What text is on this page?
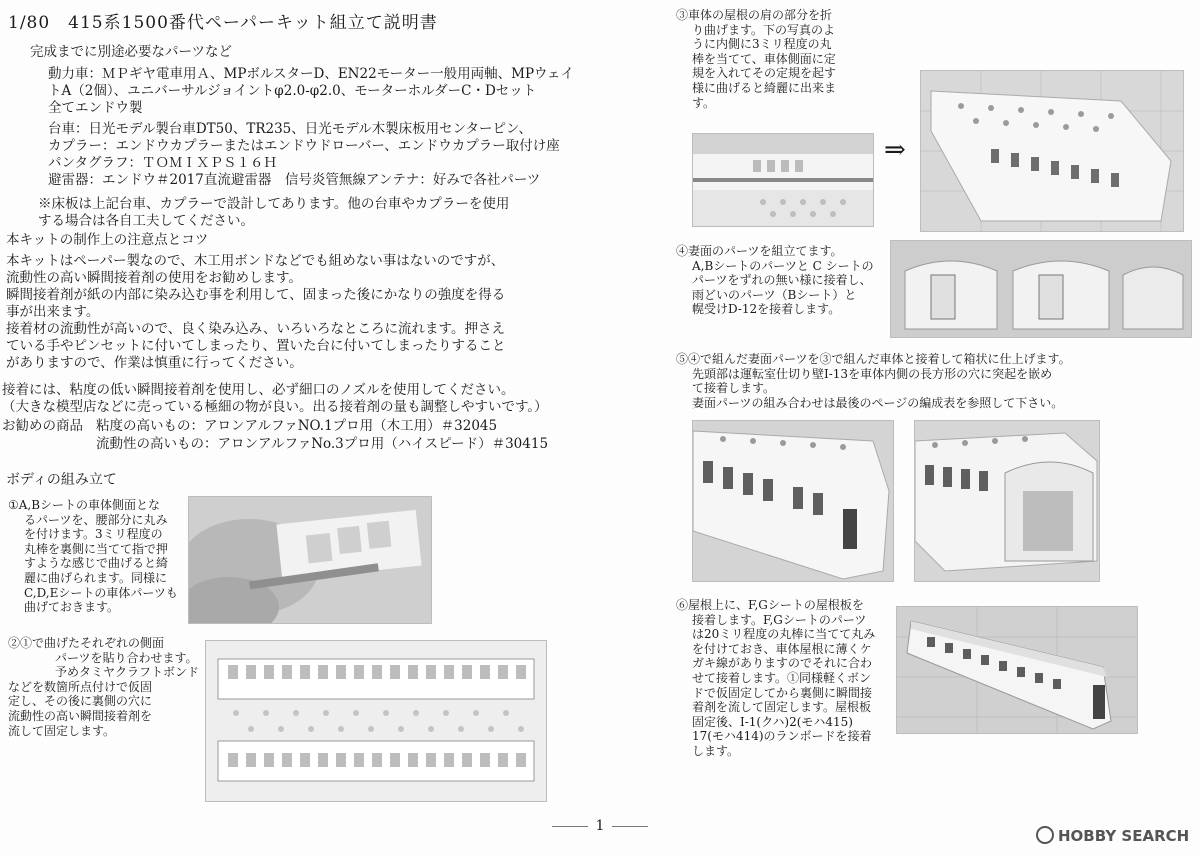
1/80　415系1500番代ペーパーキット組立て説明書
完成までに別途必要なパーツなど
動力車：ＭＰギヤ電車用Ａ、MPボルスターD、EN22モーター一般用両軸、MPウェイ
トA（2個）、ユニバーサルジョイントφ2.0-φ2.0、モーターホルダーC・Dセット
全てエンドウ製
台車：日光モデル製台車DT50、TR235、日光モデル木製床板用センターピン、
カプラー：エンドウカプラーまたはエンドウドローバー、エンドウカプラー取付け座
パンタグラフ：ＴＯＭＩＸＰＳ１６Ｈ
避雷器：エンドウ＃2017直流避雷器　信号炎管無線アンテナ：好みで各社パーツ
※床板は上記台車、カプラーで設計してあります。他の台車やカプラーを使用
する場合は各自工夫してください。
本キットの制作上の注意点とコツ
本キットはペーパー製なので、木工用ボンドなどでも組めない事はないのですが、
流動性の高い瞬間接着剤の使用をお勧めします。
瞬間接着剤が紙の内部に染み込む事を利用して、固まった後にかなりの強度を得る
事が出来ます。
接着材の流動性が高いので、良く染み込み、いろいろなところに流れます。押さえ
ている手やピンセットに付いてしまったり、置いた台に付いてしまったりすること
がありますので、作業は慎重に行ってください。
接着には、粘度の低い瞬間接着剤を使用し、必ず細口のノズルを使用してください。
（大きな模型店などに売っている極細の物が良い。出る接着剤の量も調整しやすいです。）
お勧めの商品 粘度の高いもの：アロンアルファNO.1プロ用（木工用）＃32045
流動性の高いもの：アロンアルファNo.3プロ用（ハイスピード）＃30415
ボディの組み立て
①A,Bシートの車体側面とな
るパーツを、腰部分に丸み
を付けます。3ミリ程度の
丸棒を裏側に当てて指で押
すような感じで曲げると綺
麗に曲げられます。同様に
C,D,Eシートの車体パーツも
曲げておきます。
②①で曲げたそれぞれの側面
パーツを貼り合わせます。
予めタミヤクラフトボンド
などを数箇所点付けで仮固
定し、その後に裏側の穴に
流動性の高い瞬間接着剤を
流して固定します。
③車体の屋根の肩の部分を折
り曲げます。下の写真のよ
うに内側に3ミリ程度の丸
棒を当てて、車体側面に定
規を入れてその定規を起す
様に曲げると綺麗に出来ま
す。
⇒
④妻面のパーツを組立てます。
A,Bシートのパーツと C シートの
パーツをずれの無い様に接着し、
雨どいのパーツ（Bシート）と
幌受けD-12を接着します。
⑤④で組んだ妻面パーツを③で組んだ車体と接着して箱状に仕上げます。
先頭部は運転室仕切り壁I-13を車体内側の長方形の穴に突起を嵌め
て接着します。
妻面パーツの組み合わせは最後のページの編成表を参照して下さい。
⑥屋根上に、F,Gシートの屋根板を
接着します。F,Gシートのパーツ
は20ミリ程度の丸棒に当てて丸み
を付けておき、車体屋根に薄くケ
ガキ線がありますのでそれに合わ
せて接着します。①同様軽くボン
ドで仮固定してから裏側に瞬間接
着剤を流して固定します。屋根板
固定後、I-1(クハ)2(モハ415)
17(モハ414)のランボードを接着
します。
1
HOBBY SEARCH
